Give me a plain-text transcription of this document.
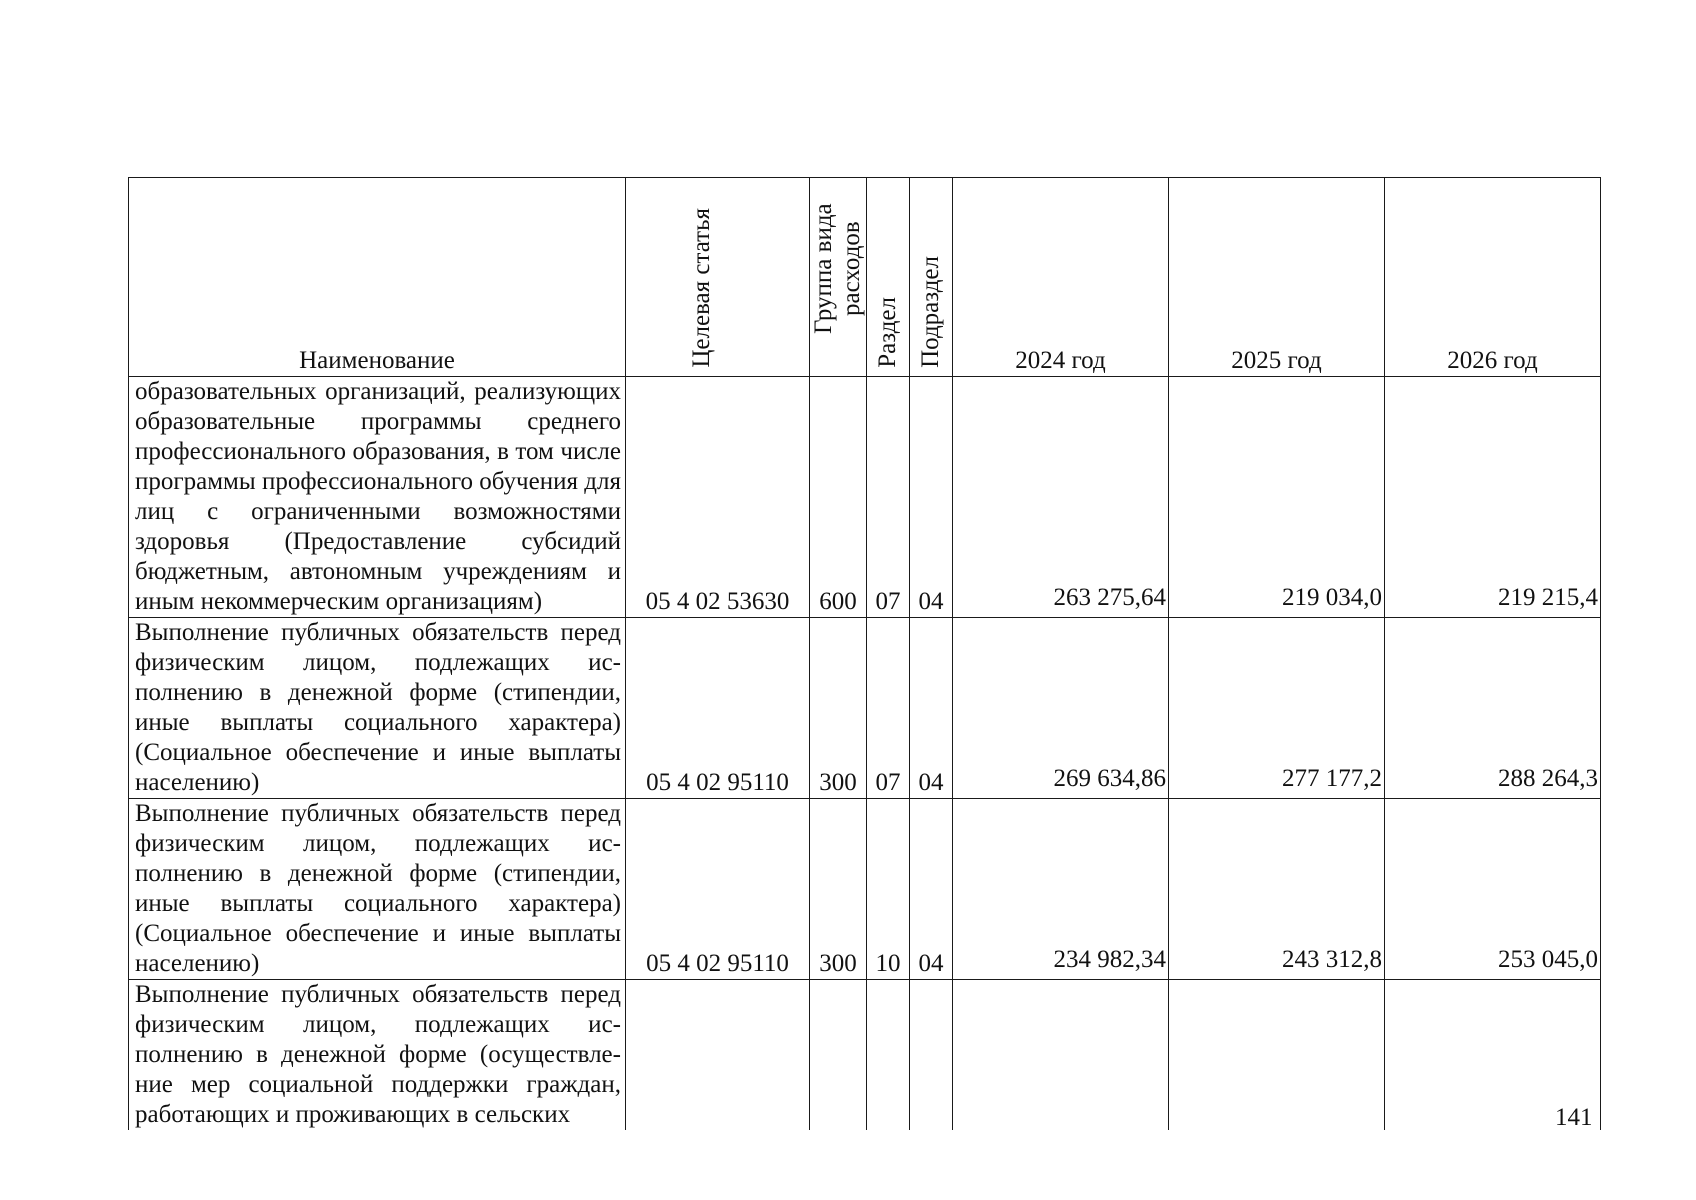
Наименование	Целевая статья	Группа вида расходов	Раздел	Подраздел	2024 год	2025 год	2026 год
образовательных организаций, реализующих образовательные программы среднего профессионального образования, в том числе программы профессионального обучения для лиц с ограниченными возможностями здоровья (Предоставление субсидий бюджетным, автономным учреждениям и иным некоммерческим организациям)	05 4 02 53630	600	07	04	263 275,64	219 034,0	219 215,4
Выполнение публичных обязательств перед физическим лицом, подлежащих исполнению в денежной форме (стипендии, иные выплаты социального характера) (Социальное обеспечение и иные выплаты населению)	05 4 02 95110	300	07	04	269 634,86	277 177,2	288 264,3
Выполнение публичных обязательств перед физическим лицом, подлежащих исполнению в денежной форме (стипендии, иные выплаты социального характера) (Социальное обеспечение и иные выплаты населению)	05 4 02 95110	300	10	04	234 982,34	243 312,8	253 045,0
Выполнение публичных обязательств перед физическим лицом, подлежащих исполнению в денежной форме (осуществление мер социальной поддержки граждан, работающих и проживающих в сельских								141
